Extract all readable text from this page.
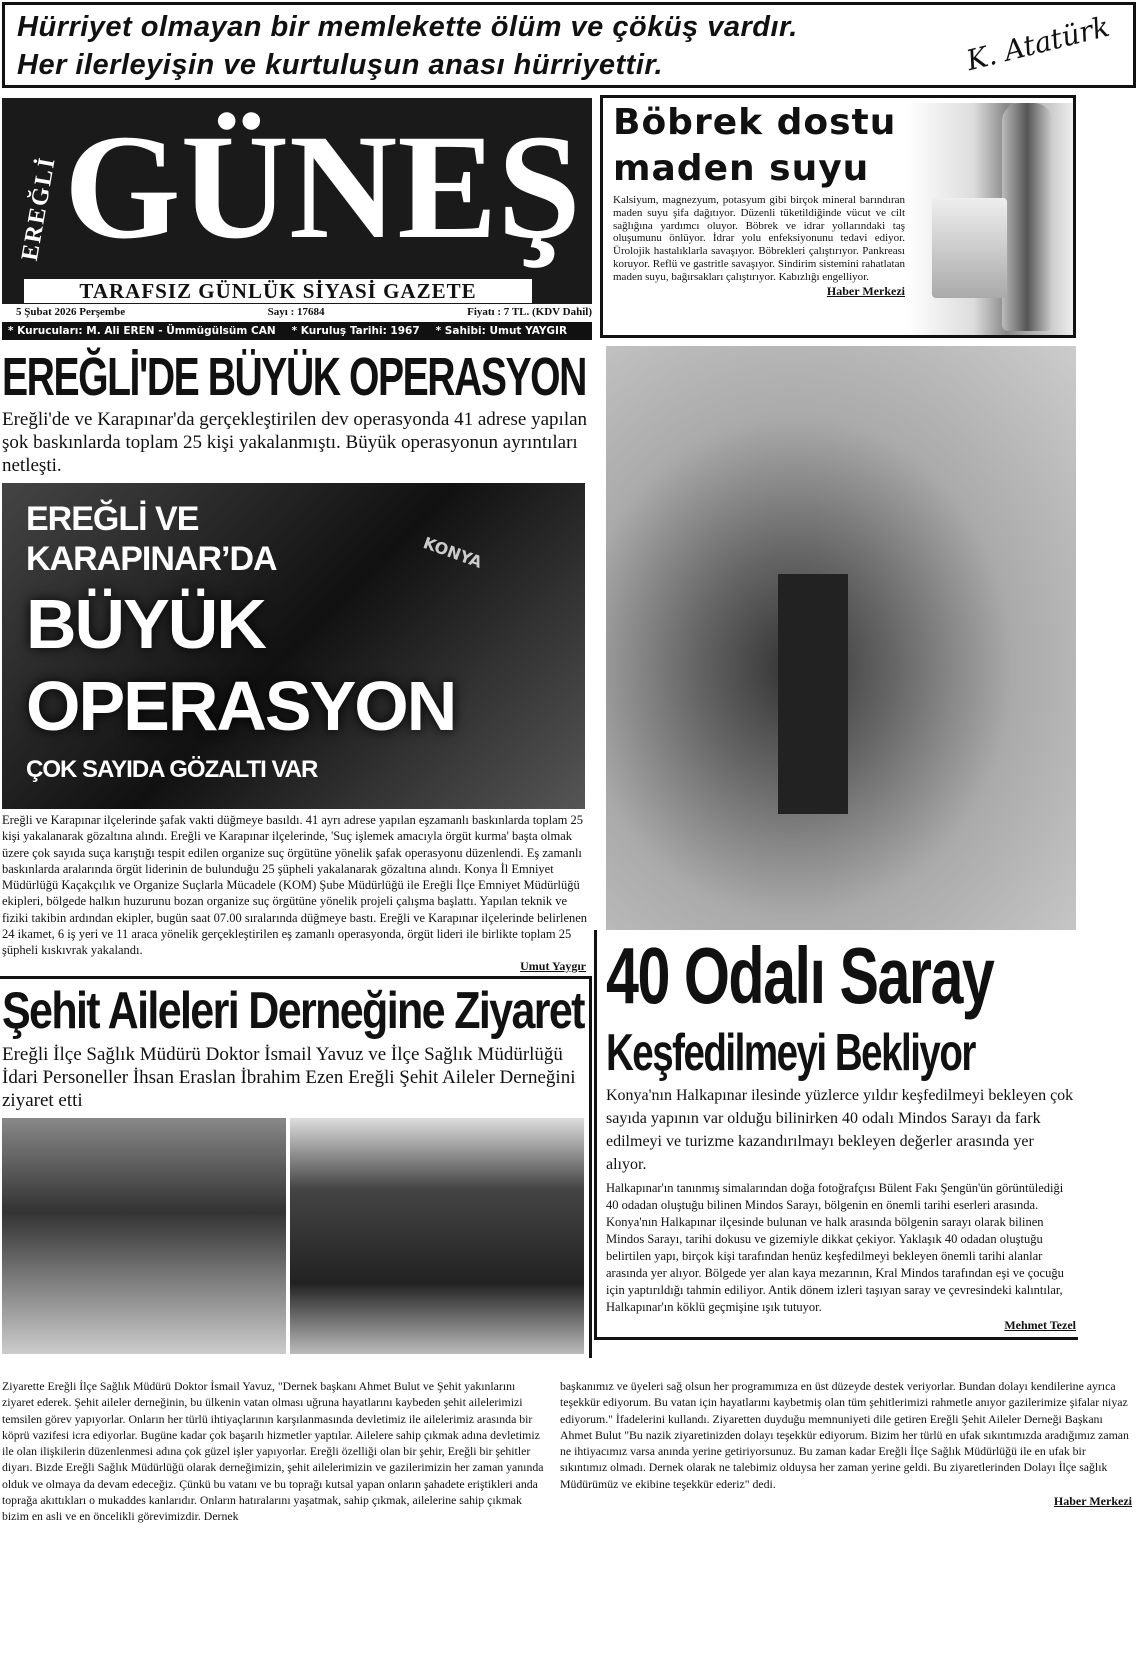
Hürriyet olmayan bir memlekette ölüm ve çöküş vardır.

Her ilerleyişin ve kurtuluşun anası hürriyettir.	K. Atatürk
EREĞLİ GÜNEŞ
TARAFSIZ GÜNLÜK SİYASİ GAZETE
5 Şubat 2026 Perşembe	Sayı : 17684	Fiyatı : 7 TL. (KDV Dahil)
* Kurucuları: M. Ali EREN - Ümmügülsüm CAN * Kuruluş Tarihi: 1967 * Sahibi: Umut YAYGIR
Böbrek dostu
maden suyu
Kalsiyum, magnezyum, potasyum gibi birçok mineral barındıran maden suyu şifa dağıtıyor. Düzenli tüketildiğinde vücut ve cilt sağlığına yardımcı oluyor. Böbrek ve idrar yollarındaki taş oluşumunu önlüyor. İdrar yolu enfeksiyonunu tedavi ediyor. Ürolojik hastalıklarla savaşıyor. Böbrekleri çalıştırıyor. Pankreası koruyor. Reflü ve gastritle savaşıyor. Sindirim sistemini rahatlatan maden suyu, bağırsakları çalıştırıyor. Kabızlığı engelliyor.
Haber Merkezi
EREĞLİ'DE BÜYÜK OPERASYON
Ereğli'de ve Karapınar'da gerçekleştirilen dev operasyonda 41 adrese yapılan şok baskınlarda toplam 25 kişi yakalanmıştı. Büyük operasyonun ayrıntıları netleşti.
EREĞLİ VE
KARAPINAR’DA
BÜYÜK
OPERASYON
ÇOK SAYIDA GÖZALTI VAR
KONYA
Ereğli ve Karapınar ilçelerinde şafak vakti düğmeye basıldı. 41 ayrı adrese yapılan eşzamanlı baskınlarda toplam 25 kişi yakalanarak gözaltına alındı. Ereğli ve Karapınar ilçelerinde, 'Suç işlemek amacıyla örgüt kurma' başta olmak üzere çok sayıda suça karıştığı tespit edilen organize suç örgütüne yönelik şafak operasyonu düzenlendi. Eş zamanlı baskınlarda aralarında örgüt liderinin de bulunduğu 25 şüpheli yakalanarak gözaltına alındı. Konya İl Emniyet Müdürlüğü Kaçakçılık ve Organize Suçlarla Mücadele (KOM) Şube Müdürlüğü ile Ereğli İlçe Emniyet Müdürlüğü ekipleri, bölgede halkın huzurunu bozan organize suç örgütüne yönelik projeli çalışma başlattı. Yapılan teknik ve fiziki takibin ardından ekipler, bugün saat 07.00 sıralarında düğmeye bastı. Ereğli ve Karapınar ilçelerinde belirlenen 24 ikamet, 6 iş yeri ve 11 araca yönelik gerçekleştirilen eş zamanlı operasyonda, örgüt lideri ile birlikte toplam 25 şüpheli kıskıvrak yakalandı.
Umut Yaygır
Şehit Aileleri Derneğine Ziyaret
Ereğli İlçe Sağlık Müdürü Doktor İsmail Yavuz ve İlçe Sağlık Müdürlüğü İdari Personeller İhsan Eraslan İbrahim Ezen Ereğli Şehit Aileler Derneğini ziyaret etti
40 Odalı Saray
Keşfedilmeyi Bekliyor
Konya'nın Halkapınar ilesinde yüzlerce yıldır keşfedilmeyi bekleyen çok sayıda yapının var olduğu bilinirken 40 odalı Mindos Sarayı da fark edilmeyi ve turizme kazandırılmayı bekleyen değerler arasında yer alıyor.
Halkapınar'ın tanınmış simalarından doğa fotoğrafçısı Bülent Fakı Şengün'ün görüntülediği 40 odadan oluştuğu bilinen Mindos Sarayı, bölgenin en önemli tarihi eserleri arasında. Konya'nın Halkapınar ilçesinde bulunan ve halk arasında bölgenin sarayı olarak bilinen Mindos Sarayı, tarihi dokusu ve gizemiyle dikkat çekiyor. Yaklaşık 40 odadan oluştuğu belirtilen yapı, birçok kişi tarafından henüz keşfedilmeyi bekleyen önemli tarihi alanlar arasında yer alıyor. Bölgede yer alan kaya mezarının, Kral Mindos tarafından eşi ve çocuğu için yaptırıldığı tahmin ediliyor. Antik dönem izleri taşıyan saray ve çevresindeki kalıntılar, Halkapınar'ın köklü geçmişine ışık tutuyor.
Mehmet Tezel
Ziyarette Ereğli İlçe Sağlık Müdürü Doktor İsmail Yavuz, "Dernek başkanı Ahmet Bulut ve Şehit yakınlarını ziyaret ederek. Şehit aileler derneğinin, bu ülkenin vatan olması uğruna hayatlarını kaybeden şehit ailelerimizi temsilen görev yapıyorlar. Onların her türlü ihtiyaçlarının karşılanmasında devletimiz ile ailelerimiz arasında bir köprü vazifesi icra ediyorlar. Bugüne kadar çok başarılı hizmetler yaptılar. Ailelere sahip çıkmak adına devletimiz ile olan ilişkilerin düzenlenmesi adına çok güzel işler yapıyorlar. Ereğli özelliği olan bir şehir, Ereğli bir şehitler diyarı. Bizde Ereğli Sağlık Müdürlüğü olarak derneğimizin, şehit ailelerimizin ve gazilerimizin her zaman yanında olduk ve olmaya da devam edeceğiz. Çünkü bu vatanı ve bu toprağı kutsal yapan onların şahadete eriştikleri anda toprağa akıttıkları o mukaddes kanlarıdır. Onların hatıralarını yaşatmak, sahip çıkmak, ailelerine sahip çıkmak bizim en asli ve en öncelikli görevimizdir. Dernek
başkanımız ve üyeleri sağ olsun her programımıza en üst düzeyde destek veriyorlar. Bundan dolayı kendilerine ayrıca teşekkür ediyorum. Bu vatan için hayatlarını kaybetmiş olan tüm şehitlerimizi rahmetle anıyor gazilerimize şifalar niyaz ediyorum." İfadelerini kullandı. Ziyaretten duyduğu memnuniyeti dile getiren Ereğli Şehit Aileler Derneği Başkanı Ahmet Bulut "Bu nazik ziyaretinizden dolayı teşekkür ediyorum. Bizim her türlü en ufak sıkıntımızda aradığımız zaman ne ihtiyacımız varsa anında yerine getiriyorsunuz. Bu zaman kadar Ereğli İlçe Sağlık Müdürlüğü ile en ufak bir sıkıntımız olmadı. Dernek olarak ne talebimiz olduysa her zaman yerine geldi. Bu ziyaretlerinden Dolayı İlçe sağlık Müdürümüz ve ekibine teşekkür ederiz" dedi.
Haber Merkezi
